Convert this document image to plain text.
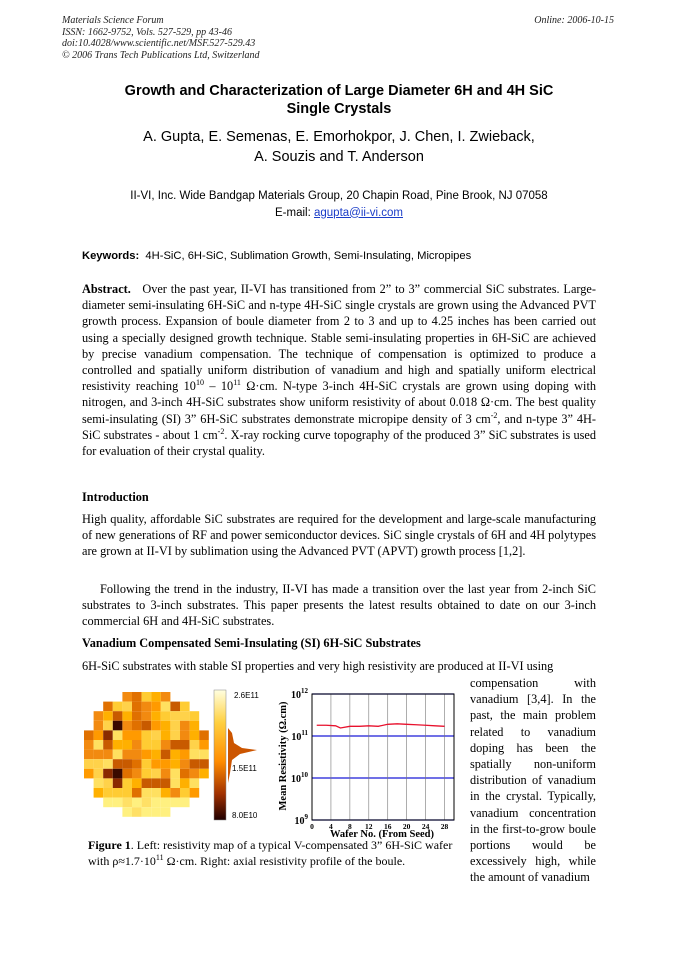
Materials Science Forum
ISSN: 1662-9752, Vols. 527-529, pp 43-46
doi:10.4028/www.scientific.net/MSF.527-529.43
© 2006 Trans Tech Publications Ltd, Switzerland
Online: 2006-10-15
Growth and Characterization of Large Diameter 6H and 4H SiC
Single Crystals
A. Gupta, E. Semenas, E. Emorhokpor, J. Chen, I. Zwieback,
A. Souzis and T. Anderson
II-VI, Inc. Wide Bandgap Materials Group, 20 Chapin Road, Pine Brook, NJ 07058
E-mail: agupta@ii-vi.com
Keywords: 4H-SiC, 6H-SiC, Sublimation Growth, Semi-Insulating, Micropipes
Abstract. Over the past year, II-VI has transitioned from 2” to 3” commercial SiC substrates. Large-diameter semi-insulating 6H-SiC and n-type 4H-SiC single crystals are grown using the Advanced PVT growth process. Expansion of boule diameter from 2 to 3 and up to 4.25 inches has been carried out using a specially designed growth technique. Stable semi-insulating properties in 6H-SiC are achieved by precise vanadium compensation. The technique of compensation is optimized to produce a controlled and spatially uniform distribution of vanadium and high and spatially uniform electrical resistivity reaching $10^{10} - 10^{11}$ Ω·cm. N-type 3-inch 4H-SiC crystals are grown using doping with nitrogen, and 3-inch 4H-SiC substrates show uniform resistivity of about 0.018 Ω·cm. The best quality semi-insulating (SI) 3” 6H-SiC substrates demonstrate micropipe density of 3 $cm^{-2}$, and n-type 3” 4H-SiC substrates - about 1 $cm^{-2}$. X-ray rocking curve topography of the produced 3” SiC substrates is used for evaluation of their crystal quality.
Introduction
High quality, affordable SiC substrates are required for the development and large-scale manufacturing of new generations of RF and power semiconductor devices. SiC single crystals of 6H and 4H polytypes are grown at II-VI by sublimation using the Advanced PVT (APVT) growth process [1,2].
Following the trend in the industry, II-VI has made a transition over the last year from 2-inch SiC substrates to 3-inch substrates. This paper presents the latest results obtained to date on our 3-inch commercial 6H and 4H-SiC substrates.
Vanadium Compensated Semi-Insulating (SI) 6H-SiC Substrates
6H-SiC substrates with stable SI properties and very high resistivity are produced at II-VI using
compensation with vanadium [3,4]. In the past, the main problem related to vanadium doping has been the spatially non-uniform distribution of vanadium in the crystal. Typically, vanadium concentration in the first-to-grow boule portions would be excessively high, while the amount of vanadium
2.6E11
1.5E11
8.0E10
0 4 8 12 16 20 24 28
$10^9$
$10^{10}$
$10^{11}$
$10^{12}$
Mean Resistivity (Ω.cm)
Wafer No. (From Seed)
Figure 1. Left: resistivity map of a typical V-compensated 3” 6H-SiC wafer with $\rho\approx 1.7\cdot 10^{11}$ Ω·cm. Right: axial resistivity profile of the boule.
